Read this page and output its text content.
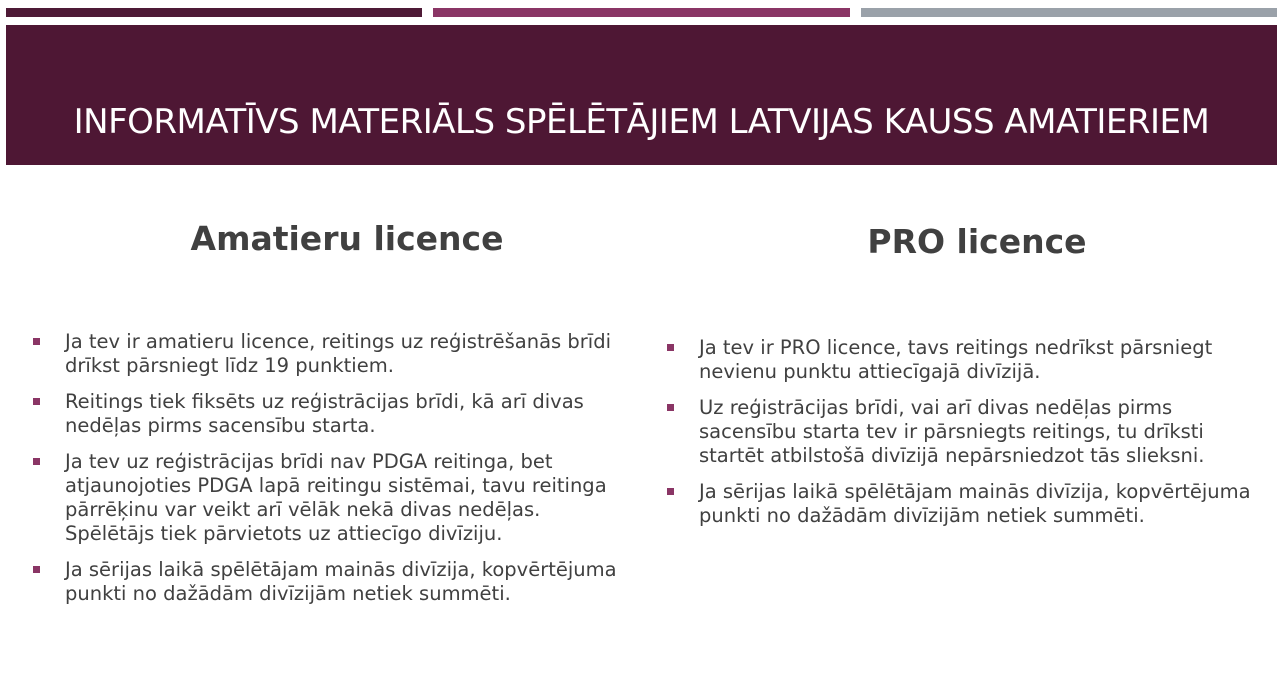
INFORMATĪVS MATERIĀLS SPĒLĒTĀJIEM LATVIJAS KAUSS AMATIERIEM
Amatieru licence	PRO licence
Ja tev ir amatieru licence, reitings uz reģistrēšanās brīdi drīkst pārsniegt līdz 19 punktiem.
Reitings tiek fiksēts uz reģistrācijas brīdi, kā arī divas nedēļas pirms sacensību starta.
Ja tev uz reģistrācijas brīdi nav PDGA reitinga, bet atjaunojoties PDGA lapā reitingu sistēmai, tavu reitinga pārrēķinu var veikt arī vēlāk nekā divas nedēļas. Spēlētājs tiek pārvietots uz attiecīgo divīziju.
Ja sērijas laikā spēlētājam mainās divīzija, kopvērtējuma punkti no dažādām divīzijām netiek summēti.
Ja tev ir PRO licence, tavs reitings nedrīkst pārsniegt nevienu punktu attiecīgajā divīzijā.
Uz reģistrācijas brīdi, vai arī divas nedēļas pirms sacensību starta tev ir pārsniegts reitings, tu drīksti startēt atbilstošā divīzijā nepārsniedzot tās slieksni.
Ja sērijas laikā spēlētājam mainās divīzija, kopvērtējuma punkti no dažādām divīzijām netiek summēti.
